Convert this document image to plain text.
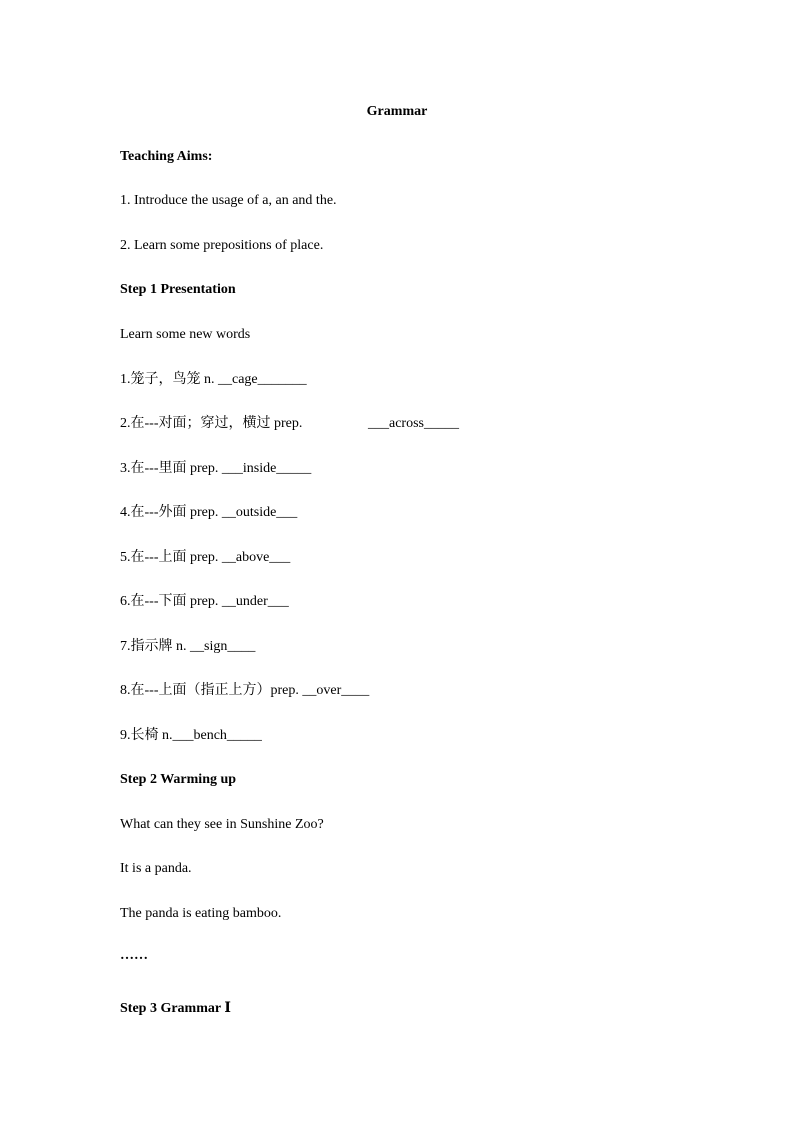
Grammar
Teaching Aims:
1. Introduce the usage of a, an and the.
2. Learn some prepositions of place.
Step 1 Presentation
Learn some new words
1.笼子，鸟笼 n. __cage_______
2.在---对面；穿过，横过 prep.	___across_____
3.在---里面 prep. ___inside_____
4.在---外面 prep. __outside___
5.在---上面 prep. __above___
6.在---下面 prep. __under___
7.指示牌 n. __sign____
8.在---上面（指正上方）prep. __over____
9.长椅 n.___bench_____
Step 2 Warming up
What can they see in Sunshine Zoo?
It is a panda.
The panda is eating bamboo.
……
Step 3 Grammar Ⅰ
